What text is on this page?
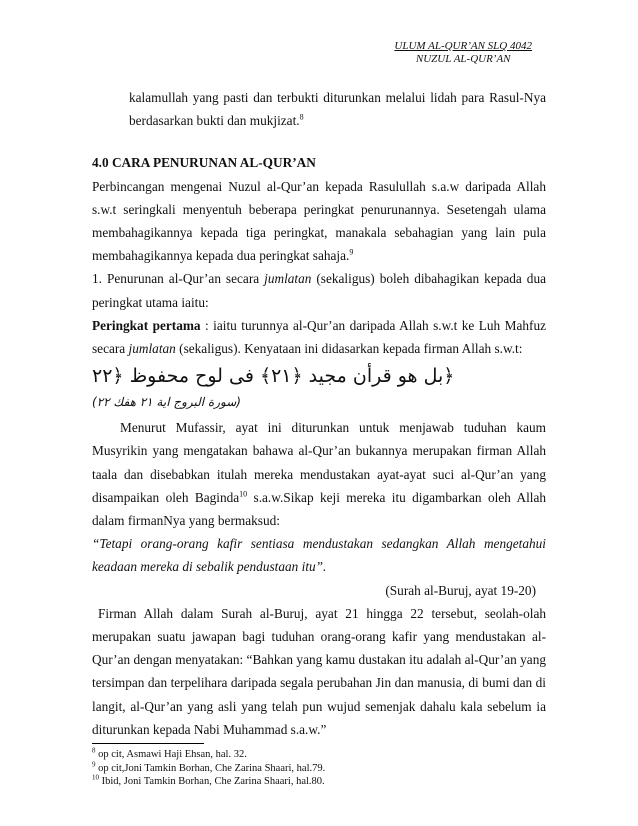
ULUM AL-QUR’AN SLQ 4042
NUZUL AL-QUR’AN

kalamullah yang pasti dan terbukti diturunkan melalui lidah para Rasul-Nya berdasarkan bukti dan mukjizat.$^8$

4.0 CARA PENURUNAN AL-QUR’AN

Perbincangan mengenai Nuzul al-Qur’an kepada Rasulullah s.a.w daripada Allah s.w.t seringkali menyentuh beberapa peringkat penurunannya. Sesetengah ulama membahagikannya kepada tiga peringkat, manakala sebahagian yang lain pula membahagikannya kepada dua peringkat sahaja.$^9$

1. Penurunan al-Qur’an secara jumlatan (sekaligus) boleh dibahagikan kepada dua peringkat utama iaitu:

Peringkat pertama : iaitu turunnya al-Qur’an daripada Allah s.w.t ke Luh Mahfuz secara jumlatan (sekaligus). Kenyataan ini didasarkan kepada firman Allah s.w.t:

﴿بل هو قرأن مجيد ﴿٢١﴾ فى لوح محفوظ ﴿٢٢

(سورة البروج اية ٢١ هفك ٢٢)

Menurut Mufassir, ayat ini diturunkan untuk menjawab tuduhan kaum Musyrikin yang mengatakan bahawa al-Qur’an bukannya merupakan firman Allah taala dan disebabkan itulah mereka mendustakan ayat-ayat suci al-Qur’an yang disampaikan oleh Baginda$^{10}$ s.a.w.Sikap keji mereka itu digambarkan oleh Allah dalam firmanNya yang bermaksud:

“Tetapi orang-orang kafir sentiasa mendustakan sedangkan Allah mengetahui keadaan mereka di sebalik pendustaan itu”.

(Surah al-Buruj, ayat 19-20)

Firman Allah dalam Surah al-Buruj, ayat 21 hingga 22 tersebut, seolah-olah merupakan suatu jawapan bagi tuduhan orang-orang kafir yang mendustakan al-Qur’an dengan menyatakan: “Bahkan yang kamu dustakan itu adalah al-Qur’an yang tersimpan dan terpelihara daripada segala perubahan Jin dan manusia, di bumi dan di langit, al-Qur’an yang asli yang telah pun wujud semenjak dahalu kala sebelum ia diturunkan kepada Nabi Muhammad s.a.w.”

$^8$ op cit, Asmawi Haji Ehsan, hal. 32.
$^9$ op cit,Joni Tamkin Borhan, Che Zarina Shaari, hal.79.
$^{10}$ Ibid, Joni Tamkin Borhan, Che Zarina Shaari, hal.80.
